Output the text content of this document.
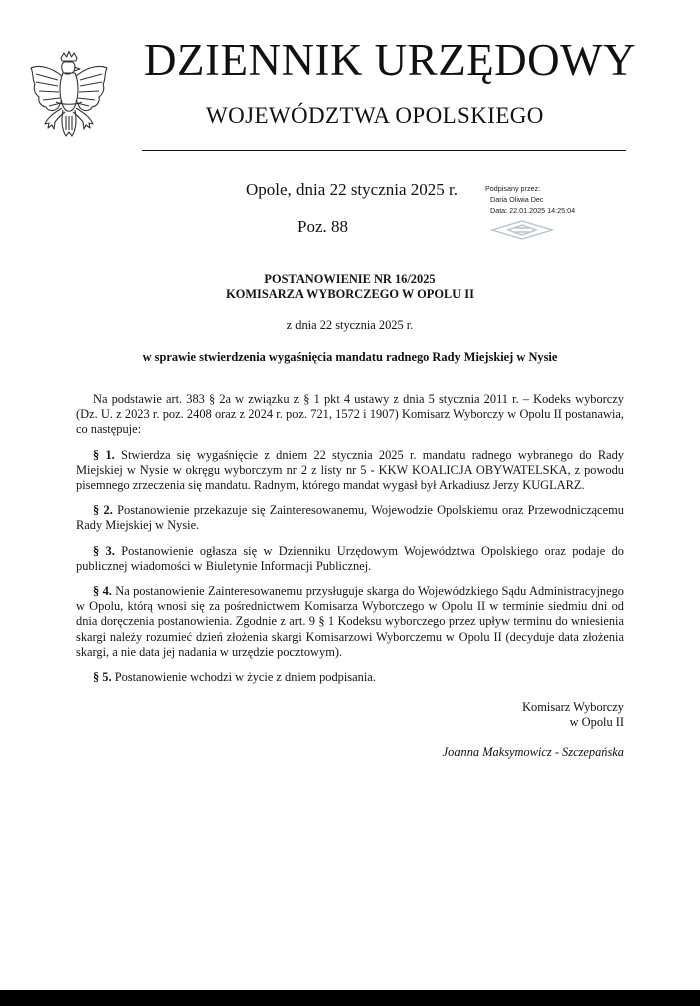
DZIENNIK URZĘDOWY
WOJEWÓDZTWA OPOLSKIEGO
Opole, dnia 22 stycznia 2025 r.
Poz. 88
Podpisany przez:
Daria Oliwia Dec
Data: 22.01.2025 14:25:04
POSTANOWIENIE NR 16/2025
KOMISARZA WYBORCZEGO W OPOLU II
z dnia 22 stycznia 2025 r.
w sprawie stwierdzenia wygaśnięcia mandatu radnego Rady Miejskiej w Nysie

Na podstawie art. 383 § 2a w związku z § 1 pkt 4 ustawy z dnia 5 stycznia 2011 r. – Kodeks wyborczy (Dz. U. z 2023 r. poz. 2408 oraz z 2024 r. poz. 721, 1572 i 1907) Komisarz Wyborczy w Opolu II postanawia, co następuje:

§ 1. Stwierdza się wygaśnięcie z dniem 22 stycznia 2025 r. mandatu radnego wybranego do Rady Miejskiej w Nysie w okręgu wyborczym nr 2 z listy nr 5 - KKW KOALICJA OBYWATELSKA, z powodu pisemnego zrzeczenia się mandatu. Radnym, którego mandat wygasł był Arkadiusz Jerzy KUGLARZ.

§ 2. Postanowienie przekazuje się Zainteresowanemu, Wojewodzie Opolskiemu oraz Przewodniczącemu Rady Miejskiej w Nysie.

§ 3. Postanowienie ogłasza się w Dzienniku Urzędowym Województwa Opolskiego oraz podaje do publicznej wiadomości w Biuletynie Informacji Publicznej.

§ 4. Na postanowienie Zainteresowanemu przysługuje skarga do Wojewódzkiego Sądu Administracyjnego w Opolu, którą wnosi się za pośrednictwem Komisarza Wyborczego w Opolu II w terminie siedmiu dni od dnia doręczenia postanowienia. Zgodnie z art. 9 § 1 Kodeksu wyborczego przez upływ terminu do wniesienia skargi należy rozumieć dzień złożenia skargi Komisarzowi Wyborczemu w Opolu II (decyduje data złożenia skargi, a nie data jej nadania w urzędzie pocztowym).

§ 5. Postanowienie wchodzi w życie z dniem podpisania.

Komisarz Wyborczy
w Opolu II
Joanna Maksymowicz - Szczepańska
